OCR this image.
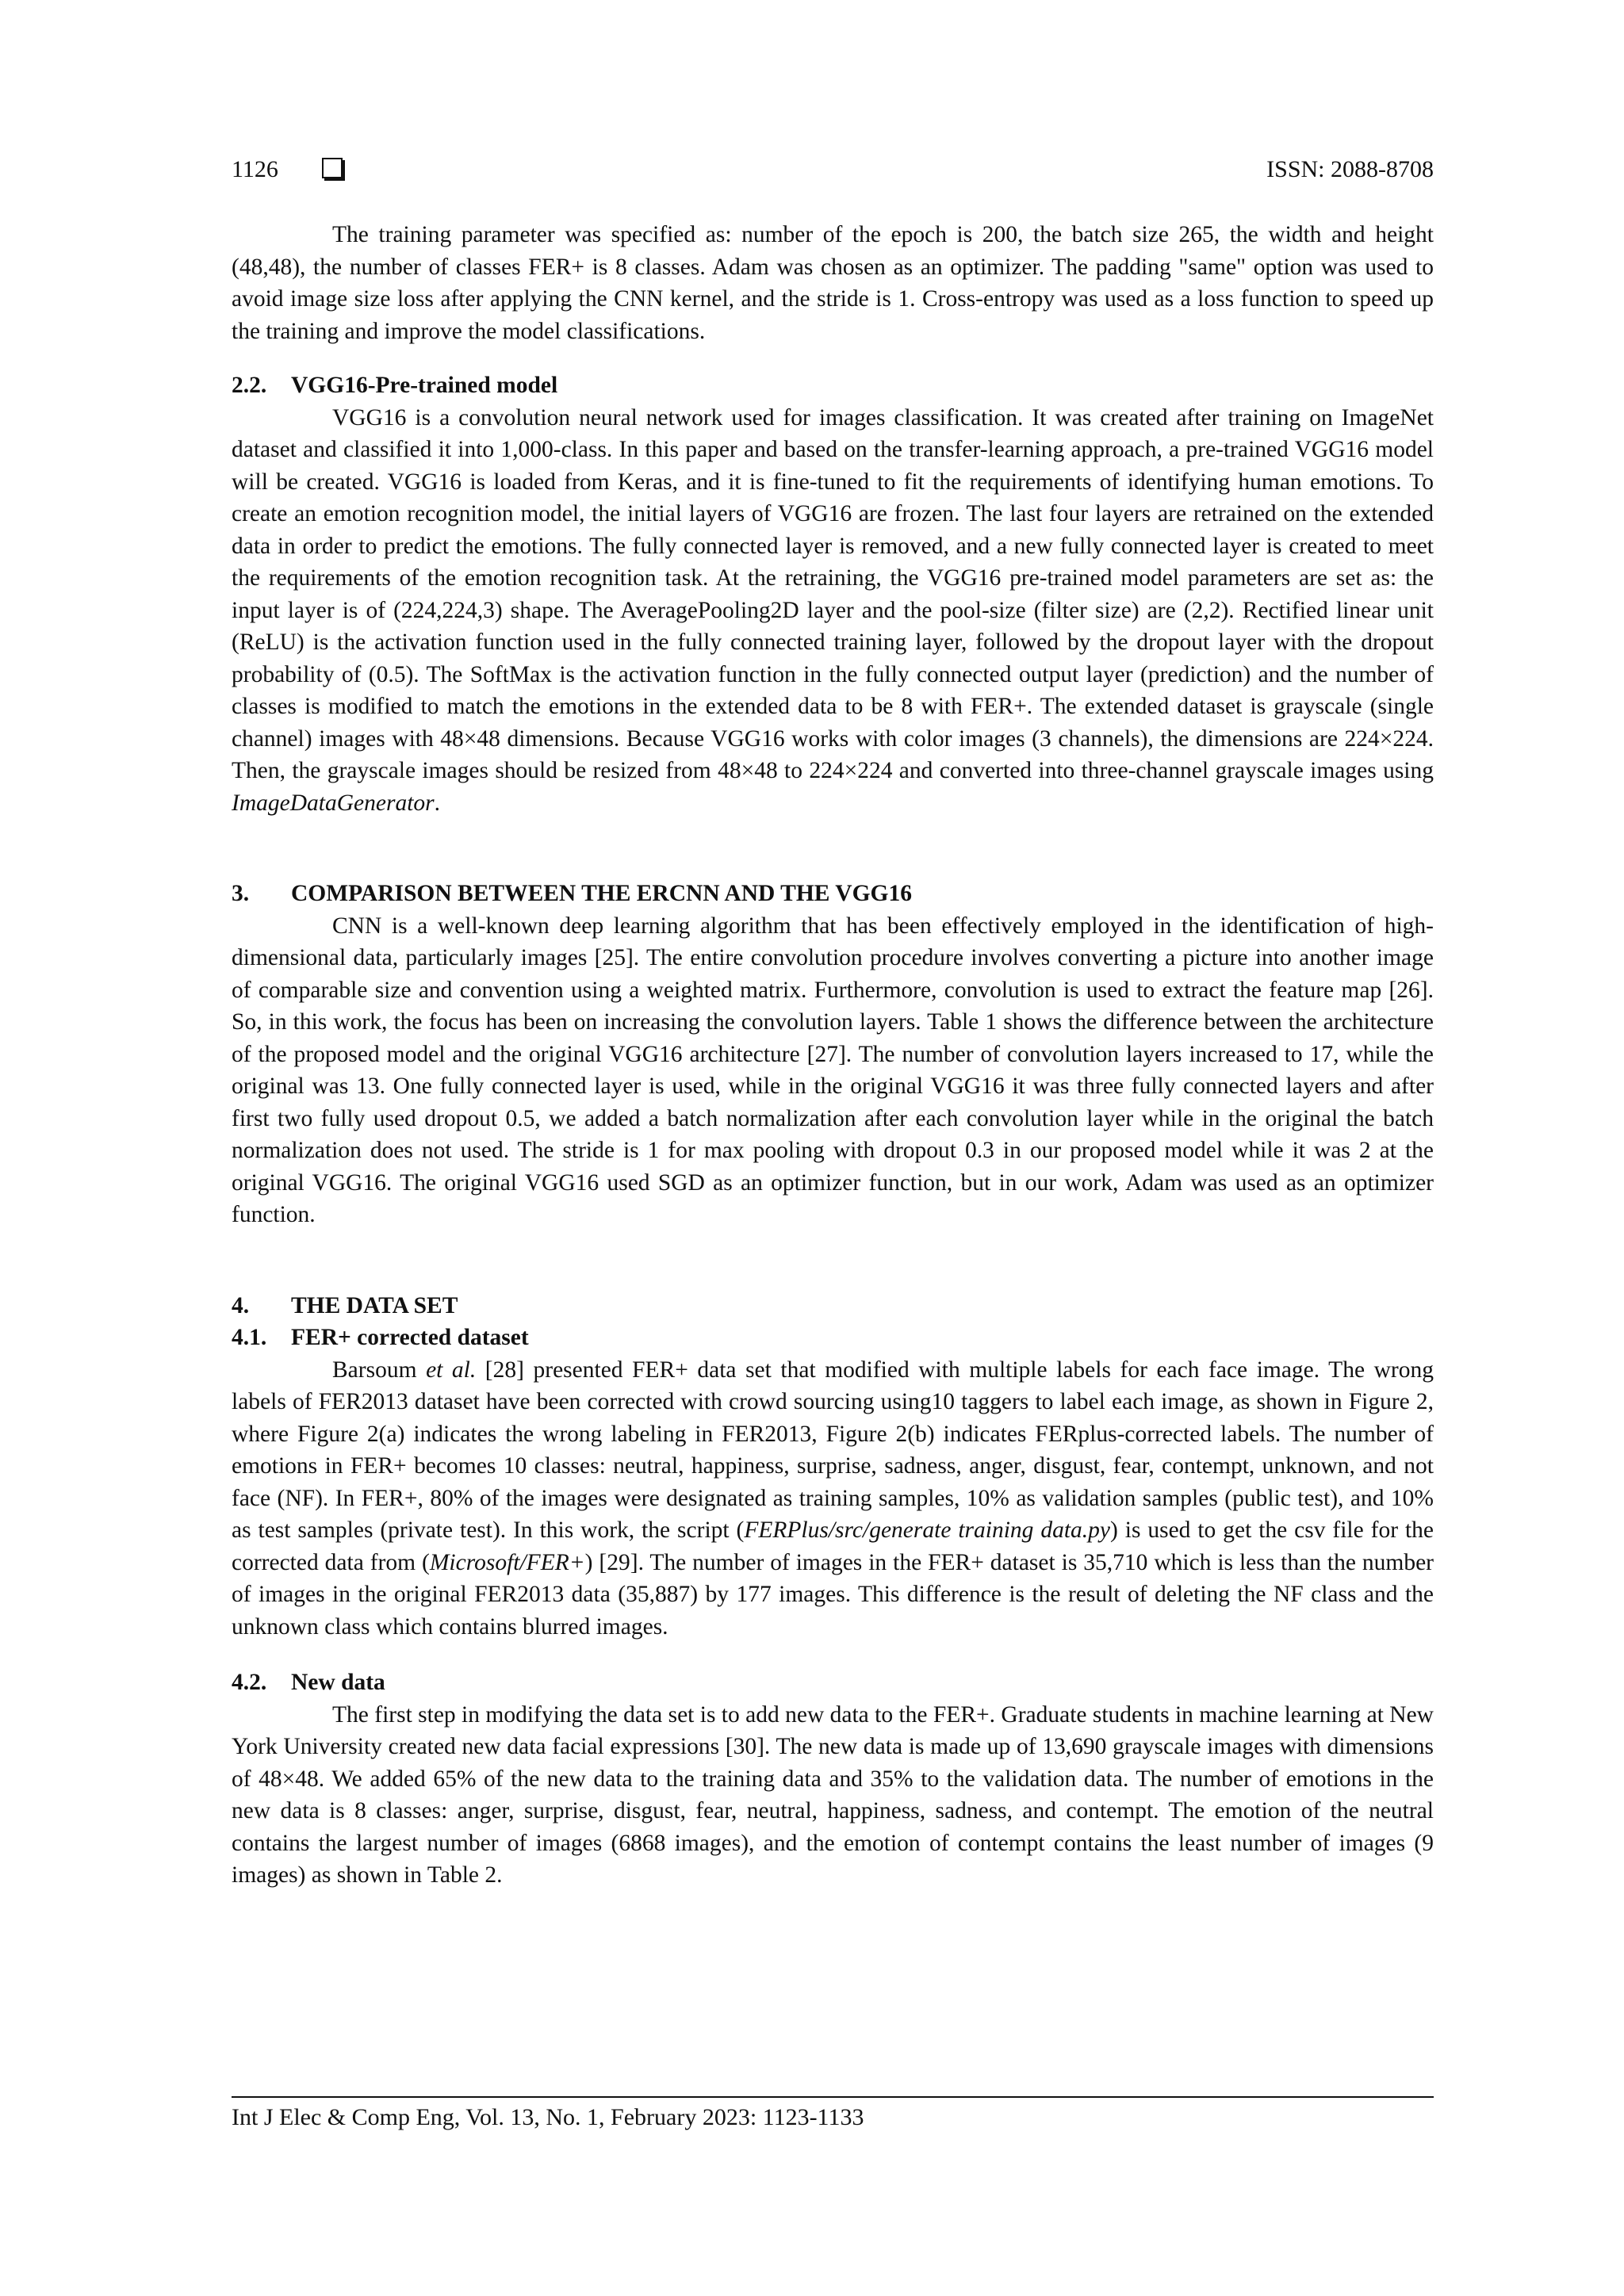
1126	ISSN: 2088-8708

The training parameter was specified as: number of the epoch is 200, the batch size 265, the width and height (48,48), the number of classes FER+ is 8 classes. Adam was chosen as an optimizer. The padding "same" option was used to avoid image size loss after applying the CNN kernel, and the stride is 1. Cross-entropy was used as a loss function to speed up the training and improve the model classifications.

2.2. VGG16-Pre-trained model

VGG16 is a convolution neural network used for images classification. It was created after training on ImageNet dataset and classified it into 1,000-class. In this paper and based on the transfer-learning approach, a pre-trained VGG16 model will be created. VGG16 is loaded from Keras, and it is fine-tuned to fit the requirements of identifying human emotions. To create an emotion recognition model, the initial layers of VGG16 are frozen. The last four layers are retrained on the extended data in order to predict the emotions. The fully connected layer is removed, and a new fully connected layer is created to meet the requirements of the emotion recognition task. At the retraining, the VGG16 pre-trained model parameters are set as: the input layer is of (224,224,3) shape. The AveragePooling2D layer and the pool-size (filter size) are (2,2). Rectified linear unit (ReLU) is the activation function used in the fully connected training layer, followed by the dropout layer with the dropout probability of (0.5). The SoftMax is the activation function in the fully connected output layer (prediction) and the number of classes is modified to match the emotions in the extended data to be 8 with FER+. The extended dataset is grayscale (single channel) images with 48×48 dimensions. Because VGG16 works with color images (3 channels), the dimensions are 224×224. Then, the grayscale images should be resized from 48×48 to 224×224 and converted into three-channel grayscale images using ImageDataGenerator.

3. COMPARISON BETWEEN THE ERCNN AND THE VGG16

CNN is a well-known deep learning algorithm that has been effectively employed in the identification of high-dimensional data, particularly images [25]. The entire convolution procedure involves converting a picture into another image of comparable size and convention using a weighted matrix. Furthermore, convolution is used to extract the feature map [26]. So, in this work, the focus has been on increasing the convolution layers. Table 1 shows the difference between the architecture of the proposed model and the original VGG16 architecture [27]. The number of convolution layers increased to 17, while the original was 13. One fully connected layer is used, while in the original VGG16 it was three fully connected layers and after first two fully used dropout 0.5, we added a batch normalization after each convolution layer while in the original the batch normalization does not used. The stride is 1 for max pooling with dropout 0.3 in our proposed model while it was 2 at the original VGG16. The original VGG16 used SGD as an optimizer function, but in our work, Adam was used as an optimizer function.

4. THE DATA SET
4.1. FER+ corrected dataset

Barsoum et al. [28] presented FER+ data set that modified with multiple labels for each face image. The wrong labels of FER2013 dataset have been corrected with crowd sourcing using10 taggers to label each image, as shown in Figure 2, where Figure 2(a) indicates the wrong labeling in FER2013, Figure 2(b) indicates FERplus-corrected labels. The number of emotions in FER+ becomes 10 classes: neutral, happiness, surprise, sadness, anger, disgust, fear, contempt, unknown, and not face (NF). In FER+, 80% of the images were designated as training samples, 10% as validation samples (public test), and 10% as test samples (private test). In this work, the script (FERPlus/src/generate training data.py) is used to get the csv file for the corrected data from (Microsoft/FER+) [29]. The number of images in the FER+ dataset is 35,710 which is less than the number of images in the original FER2013 data (35,887) by 177 images. This difference is the result of deleting the NF class and the unknown class which contains blurred images.

4.2. New data

The first step in modifying the data set is to add new data to the FER+. Graduate students in machine learning at New York University created new data facial expressions [30]. The new data is made up of 13,690 grayscale images with dimensions of 48×48. We added 65% of the new data to the training data and 35% to the validation data. The number of emotions in the new data is 8 classes: anger, surprise, disgust, fear, neutral, happiness, sadness, and contempt. The emotion of the neutral contains the largest number of images (6868 images), and the emotion of contempt contains the least number of images (9 images) as shown in Table 2.

Int J Elec & Comp Eng, Vol. 13, No. 1, February 2023: 1123-1133
